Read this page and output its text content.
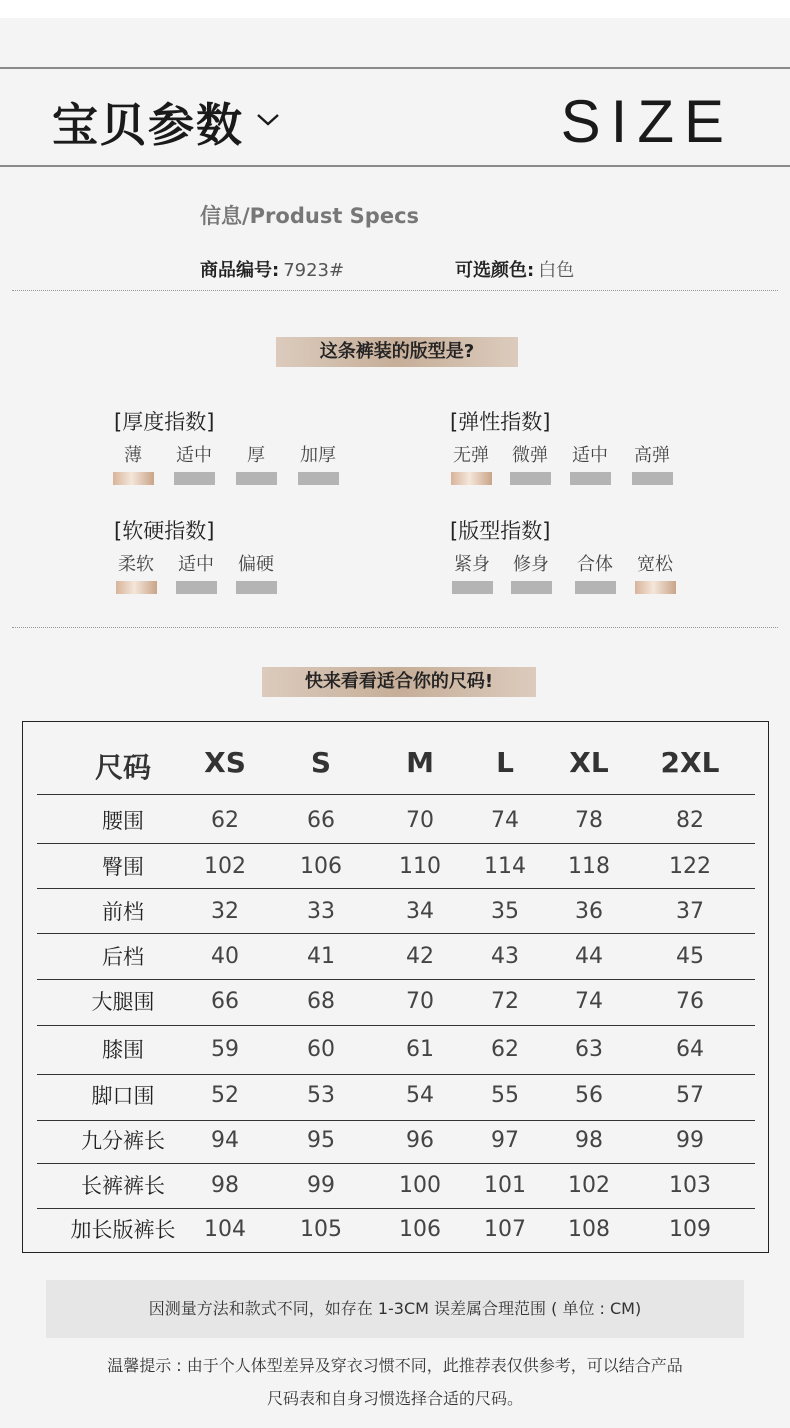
宝贝参数	SIZE
信息/Produst Specs
商品编号: 7923#	可选颜色: 白色
这条裤装的版型是?
[厚度指数]
薄	适中	厚	加厚
[弹性指数]
无弹	微弹	适中	高弹
[软硬指数]
柔软	适中	偏硬
[版型指数]
紧身	修身	合体	宽松
快来看看适合你的尺码!
尺码	XS	S	M	L	XL	2XL
腰围	62	66	70	74	78	82
臀围	102	106	110	114	118	122
前档	32	33	34	35	36	37
后档	40	41	42	43	44	45
大腿围	66	68	70	72	74	76
膝围	59	60	61	62	63	64
脚口围	52	53	54	55	56	57
九分裤长	94	95	96	97	98	99
长裤裤长	98	99	100	101	102	103
加长版裤长	104	105	106	107	108	109
因测量方法和款式不同，如存在 1-3CM 误差属合理范围 ( 单位 : CM)
温馨提示 : 由于个人体型差异及穿衣习惯不同，此推荐表仅供参考，可以结合产品
尺码表和自身习惯选择合适的尺码。
